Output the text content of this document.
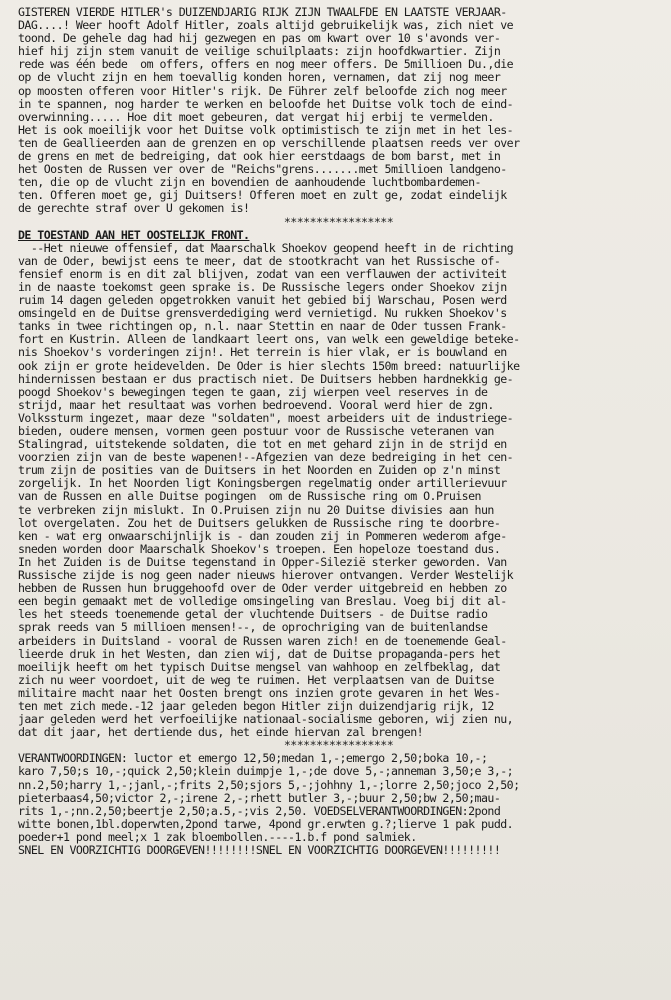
GISTEREN VIERDE HITLER's DUIZENDJARIG RIJK ZIJN TWAALFDE EN LAATSTE VERJAAR-
DAG....! Weer hooft Adolf Hitler, zoals altijd gebruikelijk was, zich niet ve
toond. De gehele dag had hij gezwegen en pas om kwart over 10 s'avonds ver-
hief hij zijn stem vanuit de veilige schuilplaats: zijn hoofdkwartier. Zijn
rede was één bede  om offers, offers en nog meer offers. De 5millioen Du.,die
op de vlucht zijn en hem toevallig konden horen, vernamen, dat zij nog meer
op moosten offeren voor Hitler's rijk. De Führer zelf beloofde zich nog meer
in te spannen, nog harder te werken en beloofde het Duitse volk toch de eind-
overwinning..... Hoe dit moet gebeuren, dat vergat hij erbij te vermelden.
Het is ook moeilijk voor het Duitse volk optimistisch te zijn met in het les-
ten de Geallieerden aan de grenzen en op verschillende plaatsen reeds ver over
de grens en met de bedreiging, dat ook hier eerstdaags de bom barst, met in
het Oosten de Russen ver over de "Reichs"grens.......met 5millioen landgeno-
ten, die op de vlucht zijn en bovendien de aanhoudende luchtbombardemen-
ten. Offeren moet ge, gij Duitsers! Offeren moet en zult ge, zodat eindelijk
de gerechte straf over U gekomen is!
*****************
DE TOESTAND AAN HET OOSTELIJK FRONT.
--Het nieuwe offensief, dat Maarschalk Shoekov geopend heeft in de richting
van de Oder, bewijst eens te meer, dat de stootkracht van het Russische of-
fensief enorm is en dit zal blijven, zodat van een verflauwen der activiteit
in de naaste toekomst geen sprake is. De Russische legers onder Shoekov zijn
ruim 14 dagen geleden opgetrokken vanuit het gebied bij Warschau, Posen werd
omsingeld en de Duitse grensverdediging werd vernietigd. Nu rukken Shoekov's
tanks in twee richtingen op, n.l. naar Stettin en naar de Oder tussen Frank-
fort en Kustrin. Alleen de landkaart leert ons, van welk een geweldige beteke-
nis Shoekov's vorderingen zijn!. Het terrein is hier vlak, er is bouwland en
ook zijn er grote heidevelden. De Oder is hier slechts 150m breed: natuurlijke
hindernissen bestaan er dus practisch niet. De Duitsers hebben hardnekkig ge-
poogd Shoekov's bewegingen tegen te gaan, zij wierpen veel reserves in de
strijd, maar het resultaat was vorhen bedroevend. Vooral werd hier de zgn.
Volkssturm ingezet, maar deze "soldaten", moest arbeiders uit de industriege-
bieden, oudere mensen, vormen geen postuur voor de Russische veteranen van
Stalingrad, uitstekende soldaten, die tot en met gehard zijn in de strijd en
voorzien zijn van de beste wapenen!--Afgezien van deze bedreiging in het cen-
trum zijn de posities van de Duitsers in het Noorden en Zuiden op z'n minst
zorgelijk. In het Noorden ligt Koningsbergen regelmatig onder artillerievuur
van de Russen en alle Duitse pogingen  om de Russische ring om O.Pruisen
te verbreken zijn mislukt. In O.Pruisen zijn nu 20 Duitse divisies aan hun
lot overgelaten. Zou het de Duitsers gelukken de Russische ring te doorbre-
ken - wat erg onwaarschijnlijk is - dan zouden zij in Pommeren wederom afge-
sneden worden door Maarschalk Shoekov's troepen. Een hopeloze toestand dus.
In het Zuiden is de Duitse tegenstand in Opper-Silezië sterker geworden. Van
Russische zijde is nog geen nader nieuws hierover ontvangen. Verder Westelijk
hebben de Russen hun bruggehoofd over de Oder verder uitgebreid en hebben zo
een begin gemaakt met de volledige omsingeling van Breslau. Voeg bij dit al-
les het steeds toenemende getal der vluchtende Duitsers - de Duitse radio
sprak reeds van 5 millioen mensen!--, de oprochriging van de buitenlandse
arbeiders in Duitsland - vooral de Russen waren zich! en de toenemende Geal-
lieerde druk in het Westen, dan zien wij, dat de Duitse propaganda-pers het
moeilijk heeft om het typisch Duitse mengsel van wahhoop en zelfbeklag, dat
zich nu weer voordoet, uit de weg te ruimen. Het verplaatsen van de Duitse
militaire macht naar het Oosten brengt ons inzien grote gevaren in het Wes-
ten met zich mede.-12 jaar geleden begon Hitler zijn duizendjarig rijk, 12
jaar geleden werd het verfoeilijke nationaal-socialisme geboren, wij zien nu,
dat dit jaar, het dertiende dus, het einde hiervan zal brengen!
*****************
VERANTWOORDINGEN: luctor et emergo 12,50;medan 1,-;emergo 2,50;boka 10,-;
karo 7,50;s 10,-;quick 2,50;klein duimpje 1,-;de dove 5,-;anneman 3,50;e 3,-;
nn.2,50;harry 1,-;janl,-;frits 2,50;sjors 5,-;johhny 1,-;lorre 2,50;joco 2,50;
pieterbaas4,50;victor 2,-;irene 2,-;rhett butler 3,-;buur 2,50;bw 2,50;mau-
rits 1,-;nn.2,50;beertje 2,50;a.5,-;vis 2,50. VOEDSELVERANTWOORDINGEN:2pond
witte bonen,1bl.doperwten,2pond tarwe, 4pond gr.erwten g.?;lierve 1 pak pudd.
poeder+1 pond meel;x 1 zak bloembollen.----1.b.f pond salmiek.
SNEL EN VOORZICHTIG DOORGEVEN!!!!!!!!SNEL EN VOORZICHTIG DOORGEVEN!!!!!!!!!
